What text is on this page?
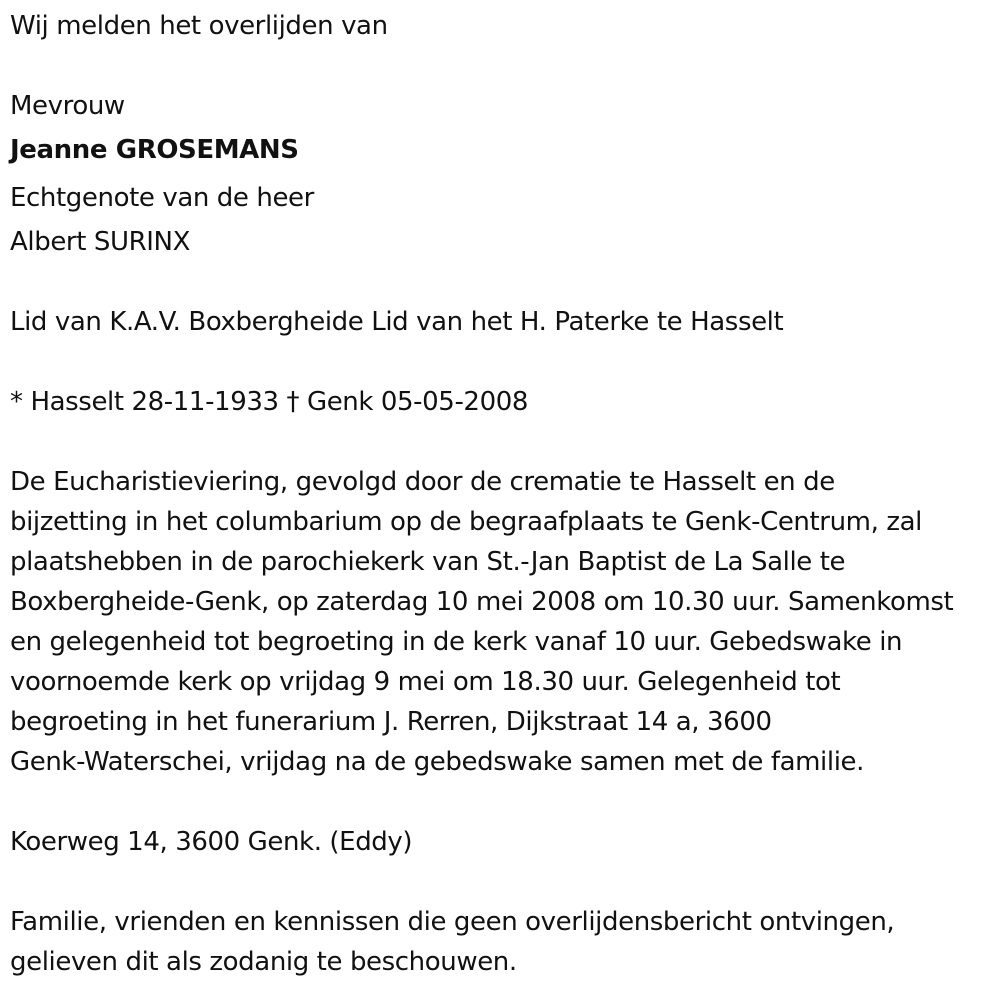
Wij melden het overlijden van
Mevrouw
Jeanne GROSEMANS
Echtgenote van de heer
Albert SURINX
Lid van K.A.V. Boxbergheide Lid van het H. Paterke te Hasselt
* Hasselt 28-11-1933 † Genk 05-05-2008
De Eucharistieviering, gevolgd door de crematie te Hasselt en de
bijzetting in het columbarium op de begraafplaats te Genk-Centrum, zal
plaatshebben in de parochiekerk van St.-Jan Baptist de La Salle te
Boxbergheide-Genk, op zaterdag 10 mei 2008 om 10.30 uur. Samenkomst
en gelegenheid tot begroeting in de kerk vanaf 10 uur. Gebedswake in
voornoemde kerk op vrijdag 9 mei om 18.30 uur. Gelegenheid tot
begroeting in het funerarium J. Rerren, Dijkstraat 14 a, 3600
Genk-Waterschei, vrijdag na de gebedswake samen met de familie.
Koerweg 14, 3600 Genk. (Eddy)
Familie, vrienden en kennissen die geen overlijdensbericht ontvingen,
gelieven dit als zodanig te beschouwen.
